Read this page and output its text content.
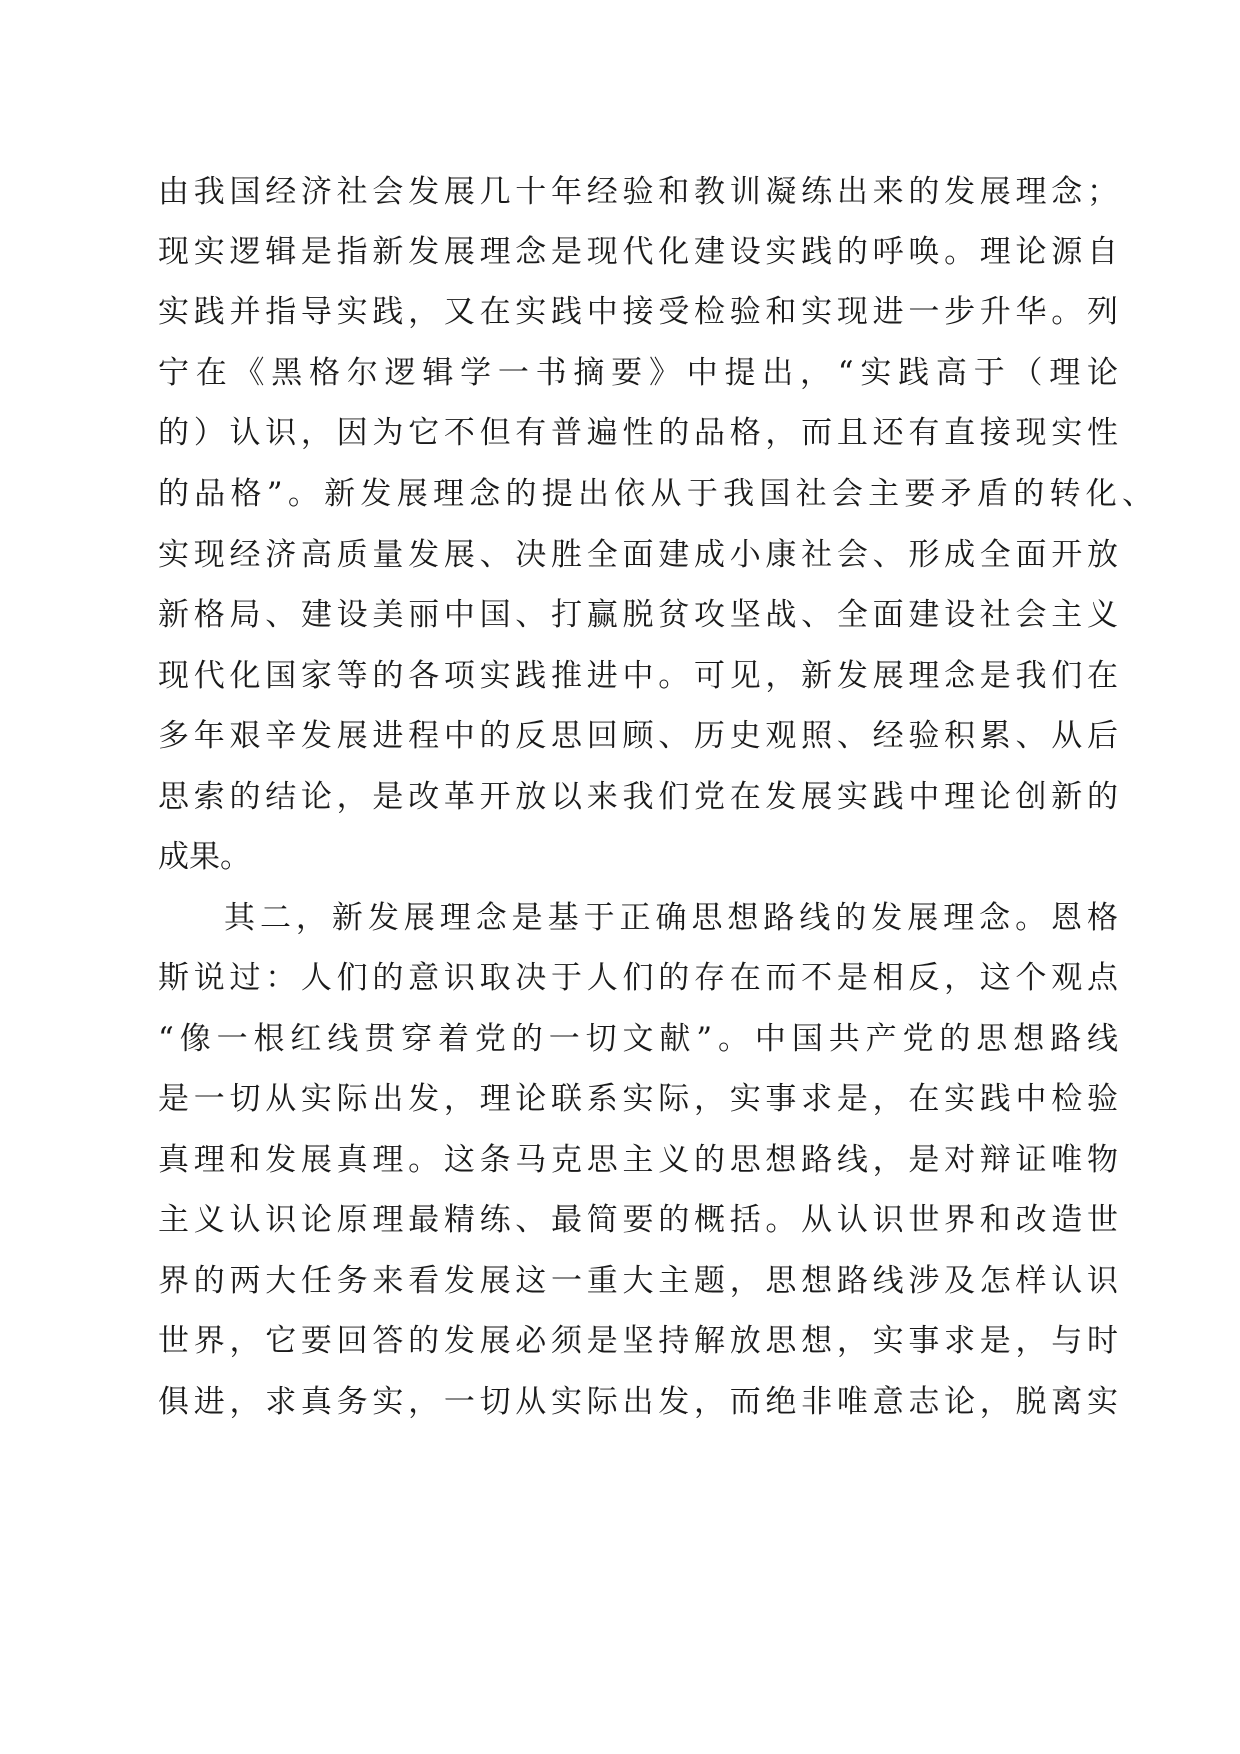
由我国经济社会发展几十年经验和教训凝练出来的发展理念；
现实逻辑是指新发展理念是现代化建设实践的呼唤。理论源自
实践并指导实践，又在实践中接受检验和实现进一步升华。列
宁在《黑格尔逻辑学一书摘要》中提出，“实践高于（理论
的）认识，因为它不但有普遍性的品格，而且还有直接现实性
的品格”。新发展理念的提出依从于我国社会主要矛盾的转化、
实现经济高质量发展、决胜全面建成小康社会、形成全面开放
新格局、建设美丽中国、打赢脱贫攻坚战、全面建设社会主义
现代化国家等的各项实践推进中。可见，新发展理念是我们在
多年艰辛发展进程中的反思回顾、历史观照、经验积累、从后
思索的结论，是改革开放以来我们党在发展实践中理论创新的
成果。
其二，新发展理念是基于正确思想路线的发展理念。恩格
斯说过：人们的意识取决于人们的存在而不是相反，这个观点
“像一根红线贯穿着党的一切文献”。中国共产党的思想路线
是一切从实际出发，理论联系实际，实事求是，在实践中检验
真理和发展真理。这条马克思主义的思想路线，是对辩证唯物
主义认识论原理最精练、最简要的概括。从认识世界和改造世
界的两大任务来看发展这一重大主题，思想路线涉及怎样认识
世界，它要回答的发展必须是坚持解放思想，实事求是，与时
俱进，求真务实，一切从实际出发，而绝非唯意志论，脱离实
